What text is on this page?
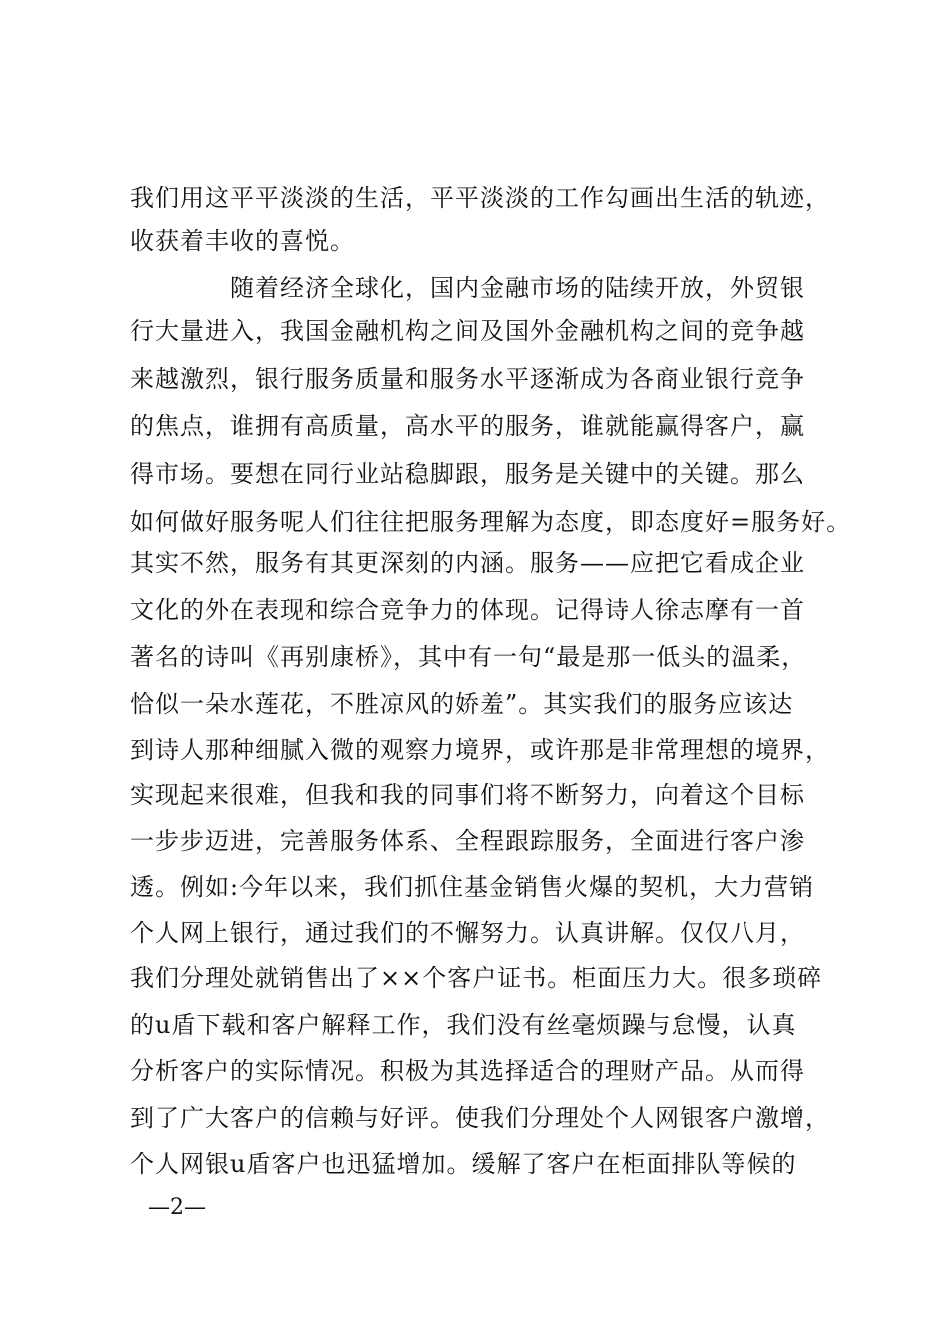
我们用这平平淡淡的生活，平平淡淡的工作勾画出生活的轨迹，
收获着丰收的喜悦。
随着经济全球化，国内金融市场的陆续开放，外贸银
行大量进入，我国金融机构之间及国外金融机构之间的竞争越
来越激烈，银行服务质量和服务水平逐渐成为各商业银行竞争
的焦点，谁拥有高质量，高水平的服务，谁就能赢得客户，赢
得市场。要想在同行业站稳脚跟，服务是关键中的关键。那么
如何做好服务呢人们往往把服务理解为态度，即态度好=服务好。
其实不然，服务有其更深刻的内涵。服务——应把它看成企业
文化的外在表现和综合竞争力的体现。记得诗人徐志摩有一首
著名的诗叫《再别康桥》，其中有一句“最是那一低头的温柔，
恰似一朵水莲花，不胜凉风的娇羞”。其实我们的服务应该达
到诗人那种细腻入微的观察力境界，或许那是非常理想的境界，
实现起来很难，但我和我的同事们将不断努力，向着这个目标
一步步迈进，完善服务体系、全程跟踪服务，全面进行客户渗
透。例如:今年以来，我们抓住基金销售火爆的契机，大力营销
个人网上银行，通过我们的不懈努力。认真讲解。仅仅八月，
我们分理处就销售出了××个客户证书。柜面压力大。很多琐碎
的u盾下载和客户解释工作，我们没有丝毫烦躁与怠慢，认真
分析客户的实际情况。积极为其选择适合的理财产品。从而得
到了广大客户的信赖与好评。使我们分理处个人网银客户激增，
个人网银u盾客户也迅猛增加。缓解了客户在柜面排队等候的
—2—
